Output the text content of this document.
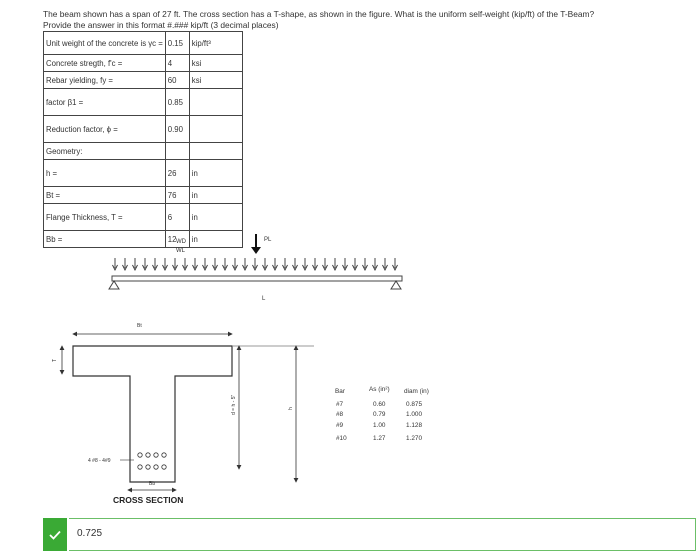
The beam shown has a span of 27 ft. The cross section has a T-shape, as shown in the figure. What is the uniform self-weight (kip/ft) of the T-Beam?

Provide the answer in this format #.### kip/ft (3 decimal places)

Unit weight of the concrete is γc =	0.15	kip/ft³
Concrete stregth, f'c =	4	ksi
Rebar yielding, fy =	60	ksi
factor β1 =	0.85	
Reduction factor, ϕ =	0.90	
Geometry:		
h =	26	in
Bt =	76	in
Flange Thickness, T =	6	in
Bb =	12	in
WD
WL
PL
L
Bt
T
4 #8 - 4#9
Bb
CROSS SECTION
d = h - 5"	h
Bar	As (in²) diam (in)
#7	0.60	0.875
#8	0.79	1.000
#9	1.00	1.128
#10	1.27	1.270
0.725
